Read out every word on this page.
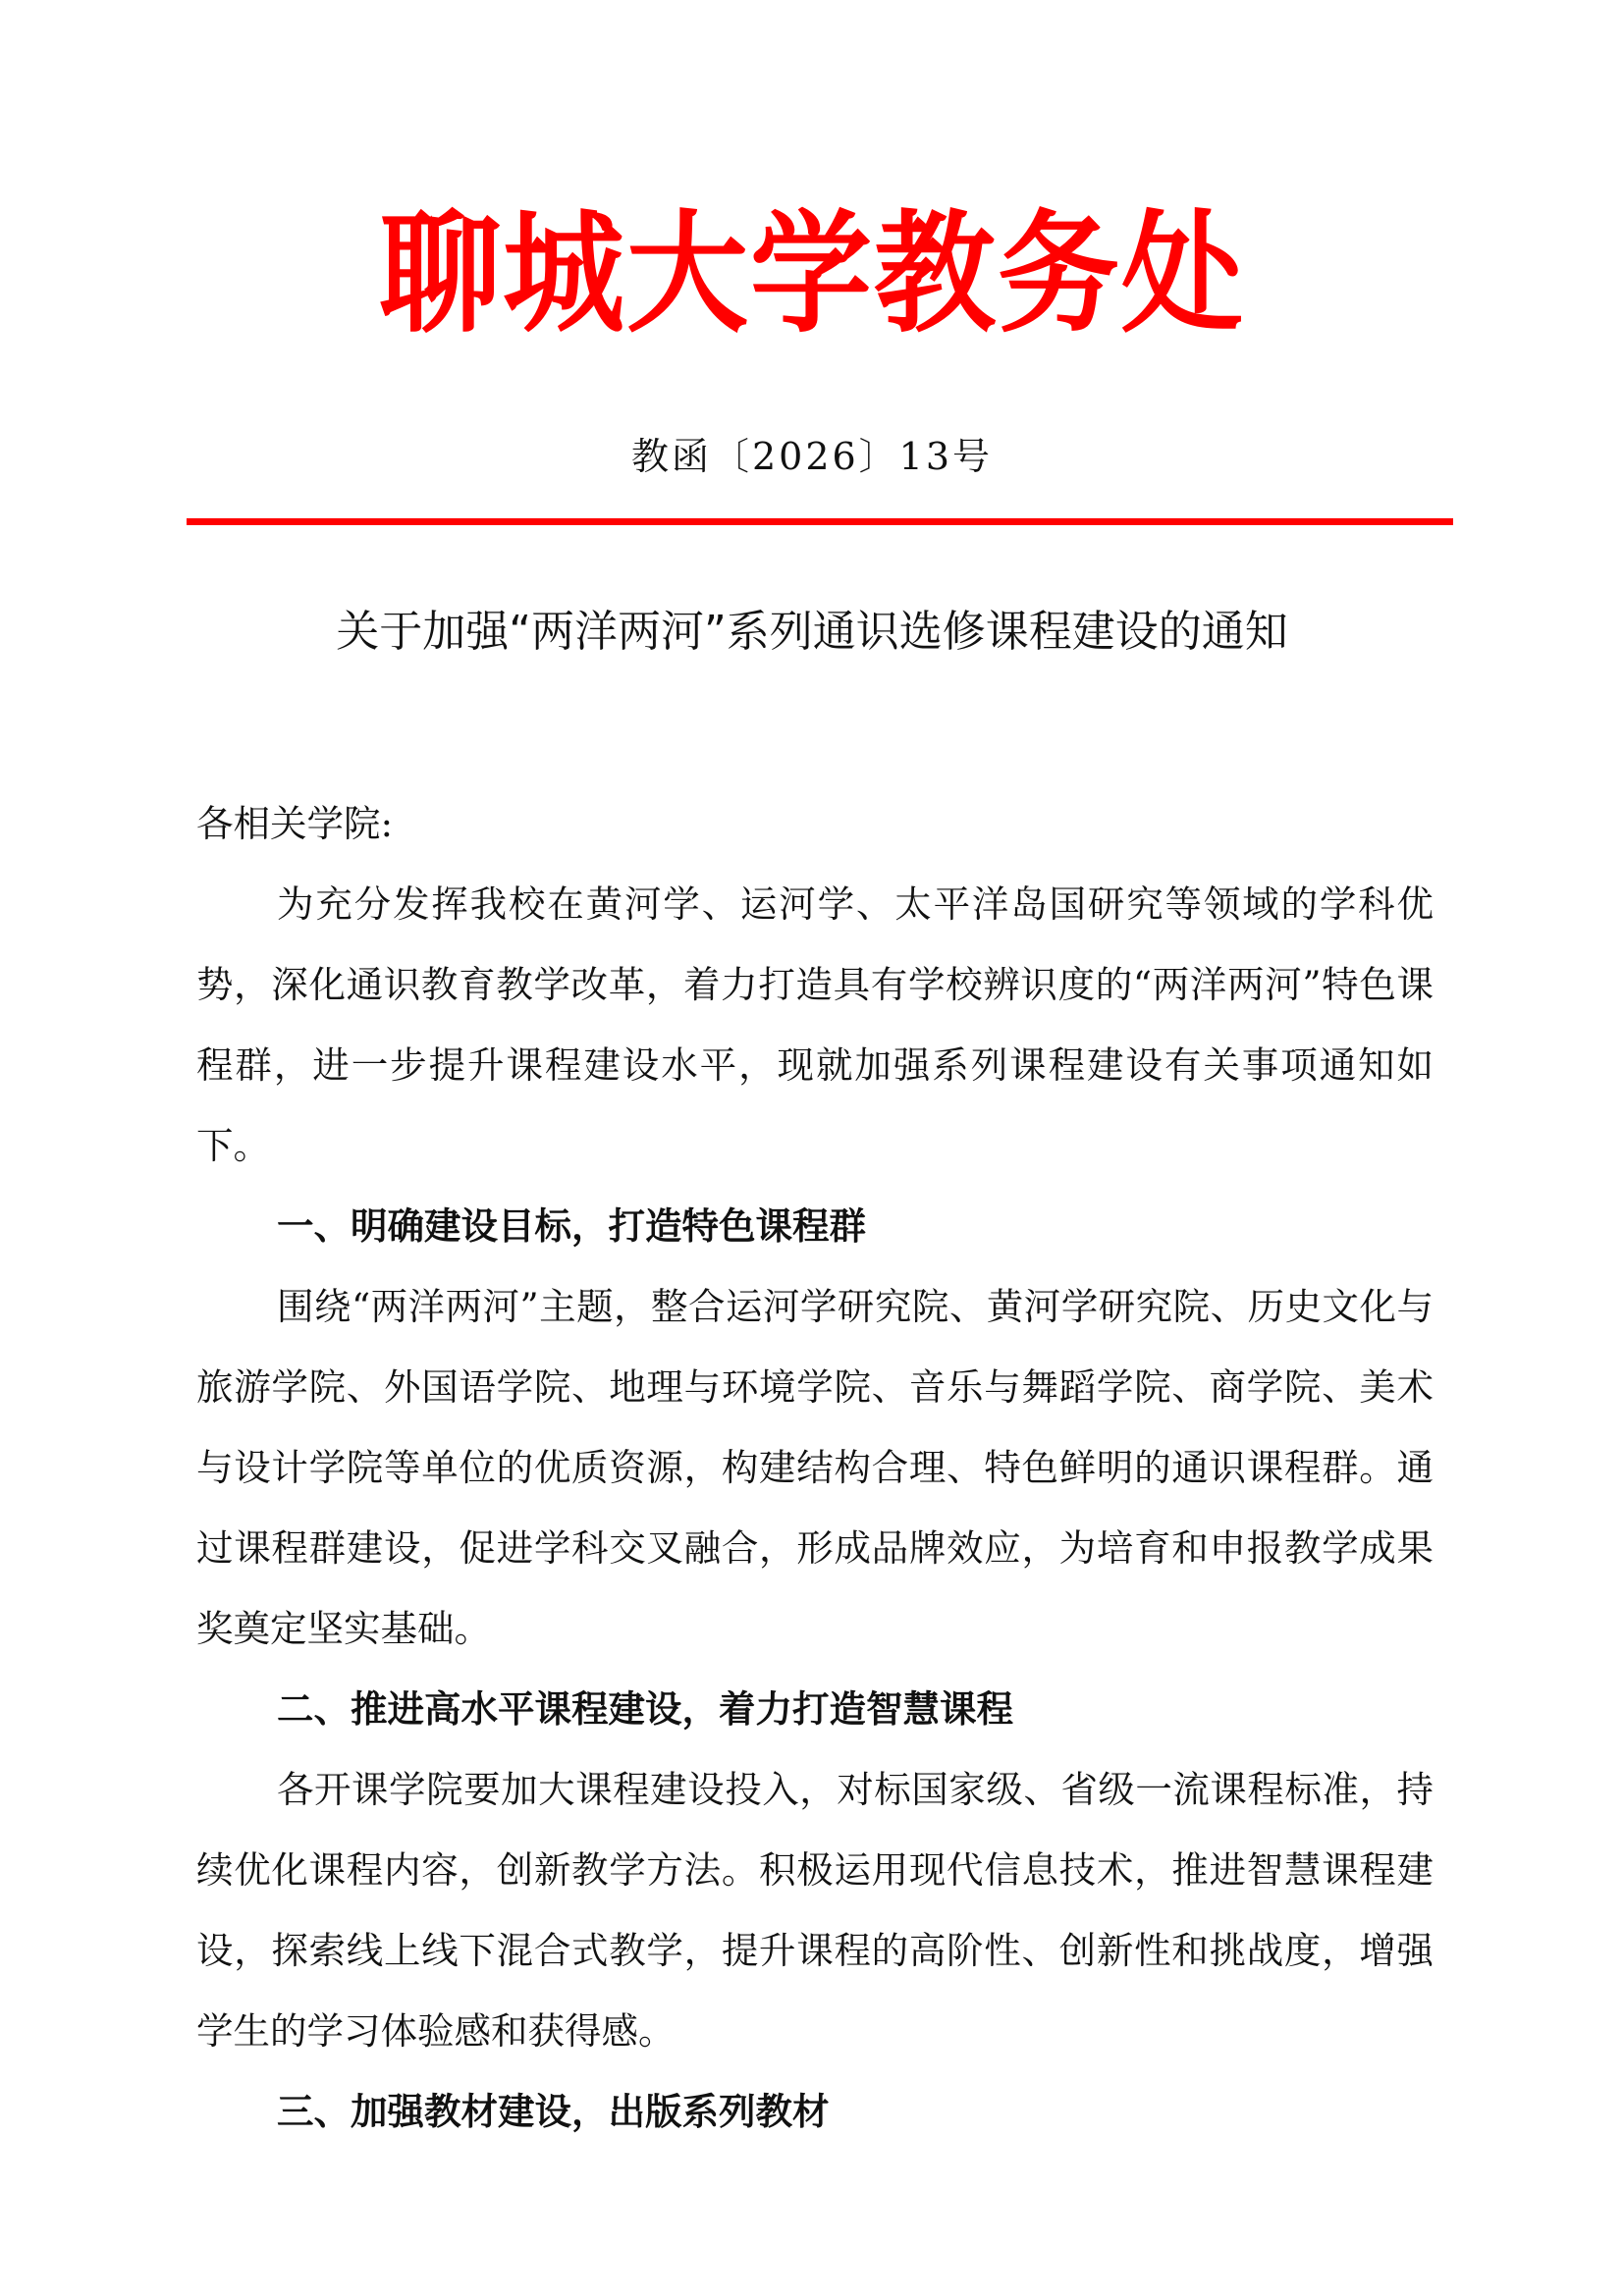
聊城大学教务处
教函〔2026〕13号
关于加强“两洋两河”系列通识选修课程建设的通知

各相关学院:

为充分发挥我校在黄河学、运河学、太平洋岛国研究等领域的学科优势，深化通识教育教学改革，着力打造具有学校辨识度的“两洋两河”特色课程群，进一步提升课程建设水平，现就加强系列课程建设有关事项通知如下。

一、明确建设目标，打造特色课程群

围绕“两洋两河”主题，整合运河学研究院、黄河学研究院、历史文化与旅游学院、外国语学院、地理与环境学院、音乐与舞蹈学院、商学院、美术与设计学院等单位的优质资源，构建结构合理、特色鲜明的通识课程群。通过课程群建设，促进学科交叉融合，形成品牌效应，为培育和申报教学成果奖奠定坚实基础。

二、推进高水平课程建设，着力打造智慧课程

各开课学院要加大课程建设投入，对标国家级、省级一流课程标准，持续优化课程内容，创新教学方法。积极运用现代信息技术，推进智慧课程建设，探索线上线下混合式教学，提升课程的高阶性、创新性和挑战度，增强学生的学习体验感和获得感。

三、加强教材建设，出版系列教材
